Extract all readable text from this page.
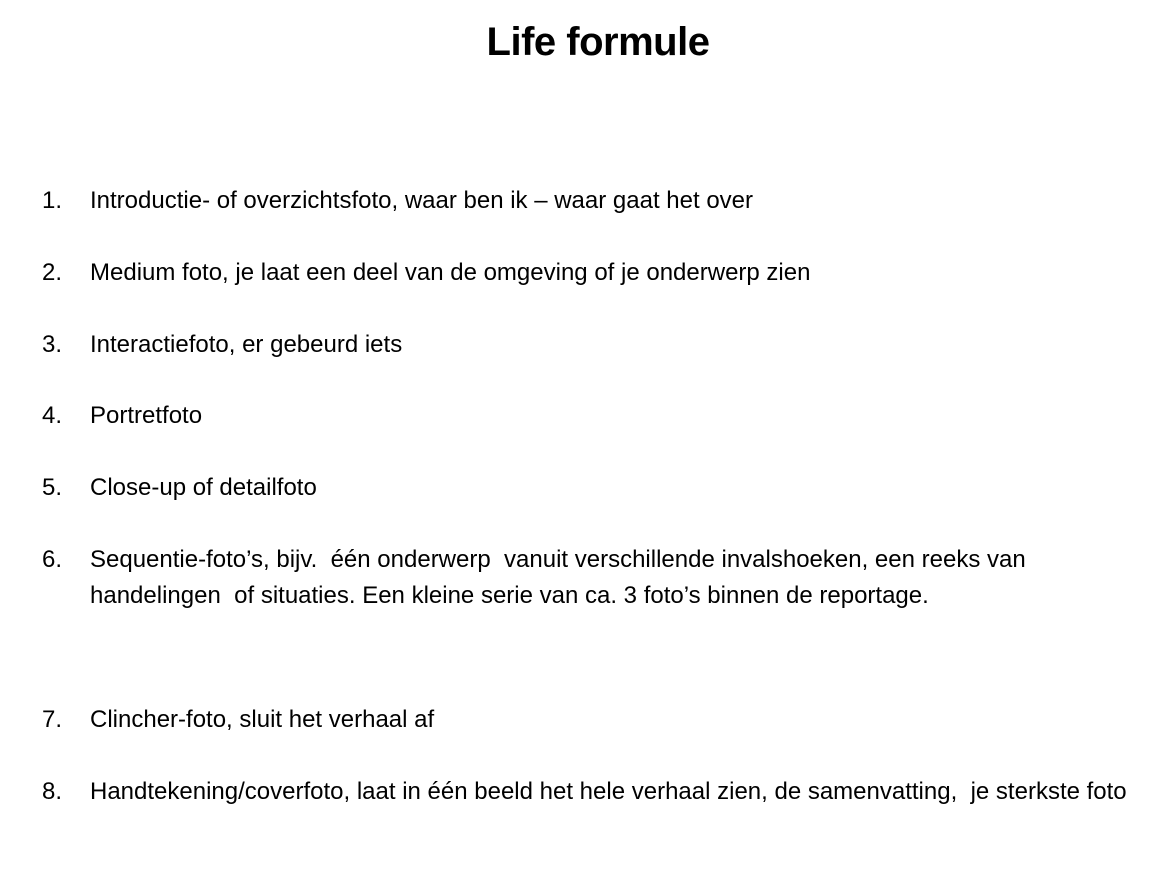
Life formule
1. Introductie- of overzichtsfoto, waar ben ik – waar gaat het over
2. Medium foto, je laat een deel van de omgeving of je onderwerp zien
3. Interactiefoto, er gebeurd iets
4. Portretfoto
5. Close-up of detailfoto
6. Sequentie-foto’s, bijv.  één onderwerp  vanuit verschillende invalshoeken, een reeks van handelingen  of situaties. Een kleine serie van ca. 3 foto’s binnen de reportage.
7. Clincher-foto, sluit het verhaal af
8. Handtekening/coverfoto, laat in één beeld het hele verhaal zien, de samenvatting,  je sterkste foto
